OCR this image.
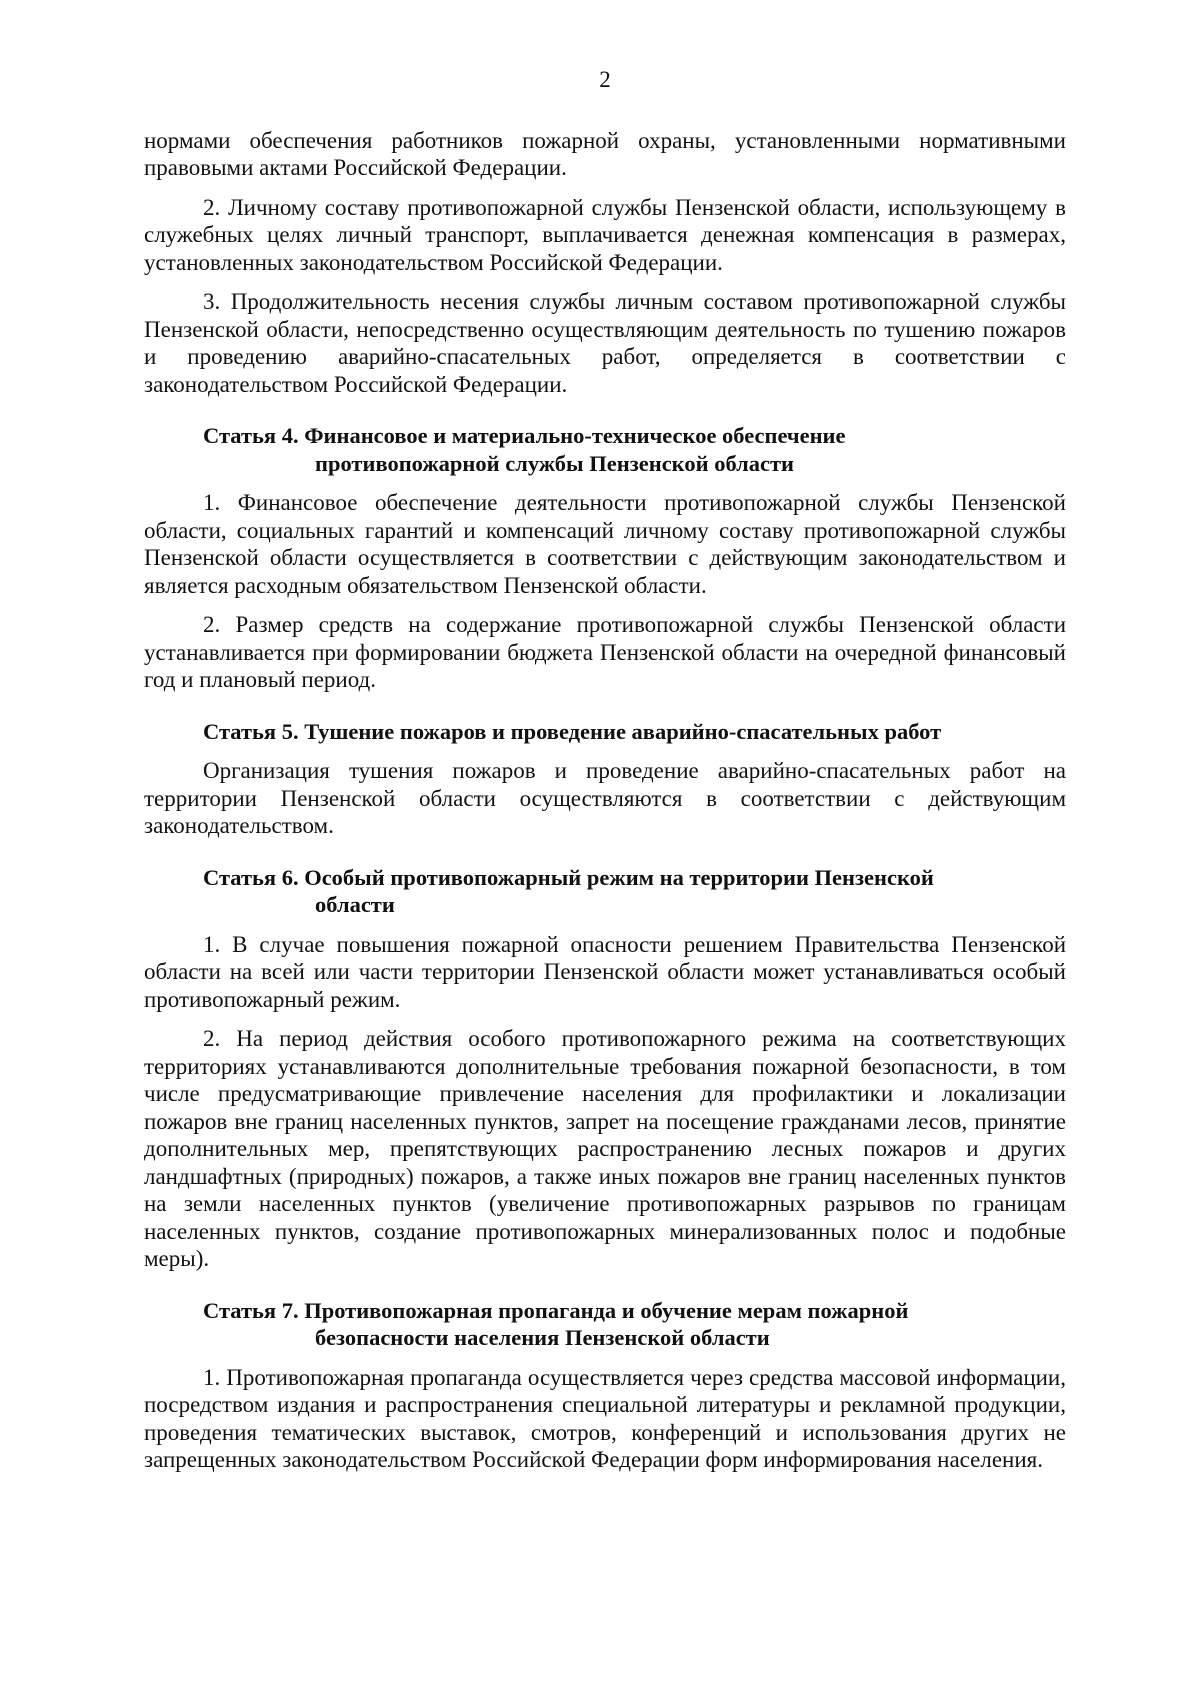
2

нормами обеспечения работников пожарной охраны, установленными нормативными правовыми актами Российской Федерации.

2. Личному составу противопожарной службы Пензенской области, использующему в служебных целях личный транспорт, выплачивается денежная компенсация в размерах, установленных законодательством Российской Федерации.

3. Продолжительность несения службы личным составом противопожарной службы Пензенской области, непосредственно осуществляющим деятельность по тушению пожаров и проведению аварийно-спасательных работ, определяется в соответствии с законодательством Российской Федерации.

Статья 4. Финансовое и материально-техническое обеспечение
противопожарной службы Пензенской области

1. Финансовое обеспечение деятельности противопожарной службы Пензенской области, социальных гарантий и компенсаций личному составу противопожарной службы Пензенской области осуществляется в соответствии с действующим законодательством и является расходным обязательством Пензенской области.

2. Размер средств на содержание противопожарной службы Пензенской области устанавливается при формировании бюджета Пензенской области на очередной финансовый год и плановый период.

Статья 5. Тушение пожаров и проведение аварийно-спасательных работ

Организация тушения пожаров и проведение аварийно-спасательных работ на территории Пензенской области осуществляются в соответствии с действующим законодательством.

Статья 6. Особый противопожарный режим на территории Пензенской
области

1. В случае повышения пожарной опасности решением Правительства Пензенской области на всей или части территории Пензенской области может устанавливаться особый противопожарный режим.

2. На период действия особого противопожарного режима на соответствующих территориях устанавливаются дополнительные требования пожарной безопасности, в том числе предусматривающие привлечение населения для профилактики и локализации пожаров вне границ населенных пунктов, запрет на посещение гражданами лесов, принятие дополнительных мер, препятствующих распространению лесных пожаров и других ландшафтных (природных) пожаров, а также иных пожаров вне границ населенных пунктов на земли населенных пунктов (увеличение противопожарных разрывов по границам населенных пунктов, создание противопожарных минерализованных полос и подобные меры).

Статья 7. Противопожарная пропаганда и обучение мерам пожарной
безопасности населения Пензенской области

1. Противопожарная пропаганда осуществляется через средства массовой информации, посредством издания и распространения специальной литературы и рекламной продукции, проведения тематических выставок, смотров, конференций и использования других не запрещенных законодательством Российской Федерации форм информирования населения.
